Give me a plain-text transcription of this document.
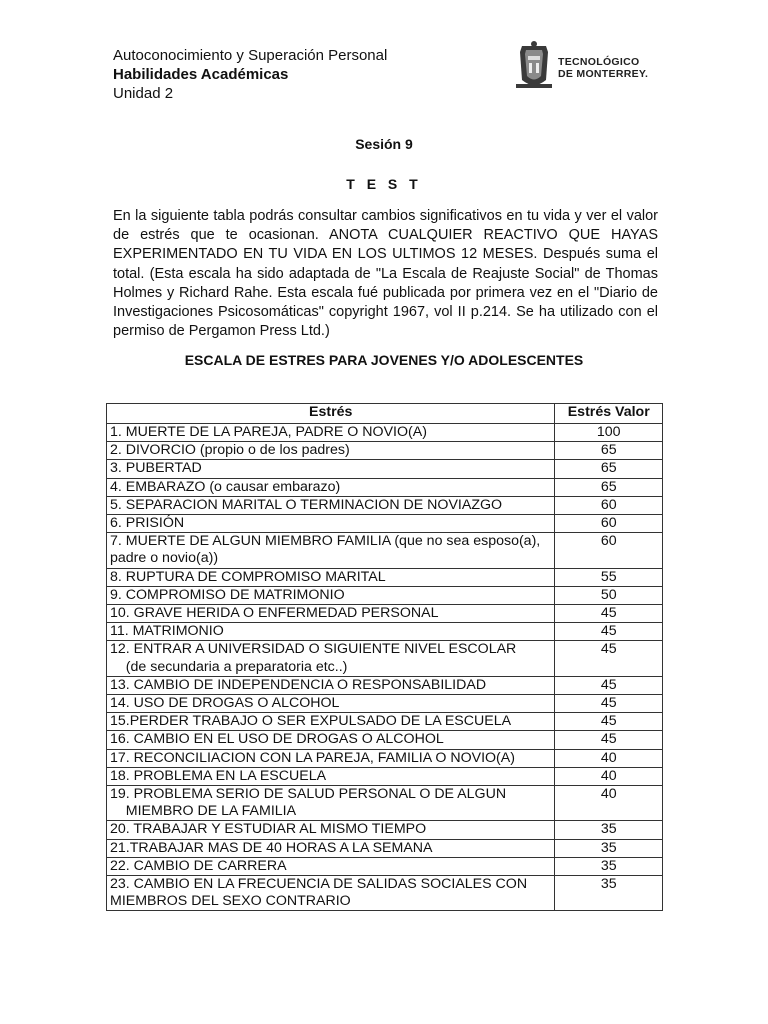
Autoconocimiento y Superación Personal
Habilidades Académicas
Unidad 2
TECNOLÓGICO
DE MONTERREY.
Sesión 9
T E S T
En la siguiente tabla podrás consultar cambios significativos en tu vida y ver el valor de estrés que te ocasionan. ANOTA CUALQUIER REACTIVO QUE HAYAS EXPERIMENTADO EN TU VIDA EN LOS ULTIMOS 12 MESES. Después suma el total. (Esta escala ha sido adaptada de "La Escala de Reajuste Social" de Thomas Holmes y Richard Rahe. Esta escala fué publicada por primera vez en el "Diario de Investigaciones Psicosomáticas" copyright 1967, vol II p.214. Se ha utilizado con el permiso de Pergamon Press Ltd.)
ESCALA DE ESTRES PARA JOVENES Y/O ADOLESCENTES
Estrés	Estrés Valor
1. MUERTE DE LA PAREJA, PADRE O NOVIO(A)	100
2. DIVORCIO (propio o de los padres)	65
3. PUBERTAD	65
4. EMBARAZO (o causar embarazo)	65
5. SEPARACION MARITAL O TERMINACION DE NOVIAZGO	60
6. PRISIÓN	60
7. MUERTE DE ALGUN MIEMBRO FAMILIA (que no sea esposo(a), padre o novio(a))	60
8. RUPTURA DE COMPROMISO MARITAL	55
9. COMPROMISO DE MATRIMONIO	50
10. GRAVE HERIDA O ENFERMEDAD PERSONAL	45
11. MATRIMONIO	45
12. ENTRAR A UNIVERSIDAD O SIGUIENTE NIVEL ESCOLAR
(de secundaria a preparatoria etc..)	45
13. CAMBIO DE INDEPENDENCIA O RESPONSABILIDAD	45
14. USO DE DROGAS O ALCOHOL	45
15.PERDER TRABAJO O SER EXPULSADO DE LA ESCUELA	45
16. CAMBIO EN EL USO DE DROGAS O ALCOHOL	45
17. RECONCILIACION CON LA PAREJA, FAMILIA O NOVIO(A)	40
18. PROBLEMA EN LA ESCUELA	40
19. PROBLEMA SERIO DE SALUD PERSONAL O DE ALGUN
MIEMBRO DE LA FAMILIA	40
20. TRABAJAR Y ESTUDIAR AL MISMO TIEMPO	35
21.TRABAJAR MAS DE 40 HORAS A LA SEMANA	35
22. CAMBIO DE CARRERA	35
23. CAMBIO EN LA FRECUENCIA DE SALIDAS SOCIALES CON MIEMBROS DEL SEXO CONTRARIO	35
